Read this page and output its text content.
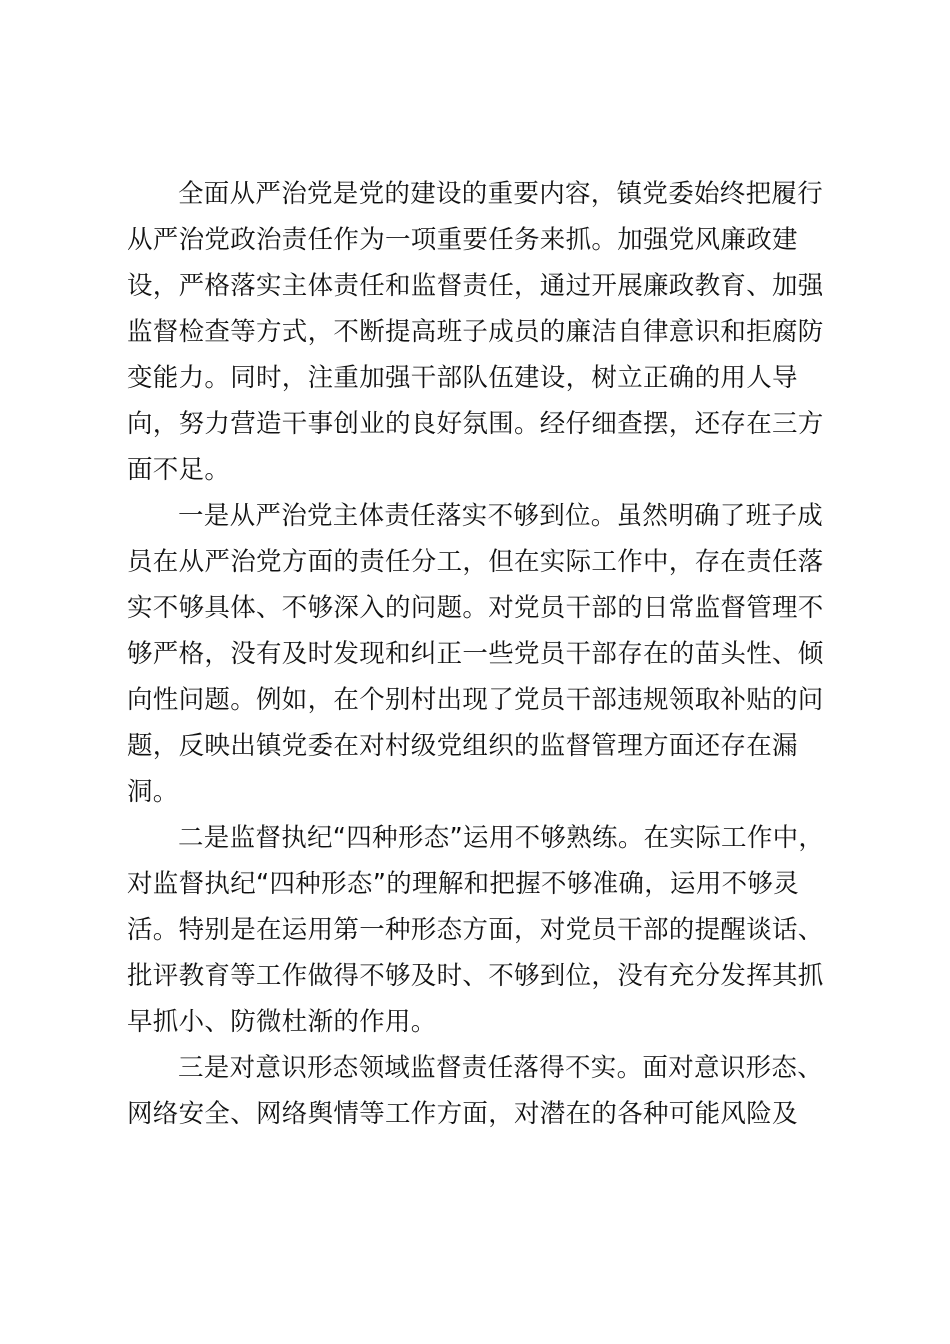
全面从严治党是党的建设的重要内容，镇党委始终把履行
从严治党政治责任作为一项重要任务来抓。加强党风廉政建
设，严格落实主体责任和监督责任，通过开展廉政教育、加强
监督检查等方式，不断提高班子成员的廉洁自律意识和拒腐防
变能力。同时，注重加强干部队伍建设，树立正确的用人导
向，努力营造干事创业的良好氛围。经仔细查摆，还存在三方
面不足。

一是从严治党主体责任落实不够到位。虽然明确了班子成
员在从严治党方面的责任分工，但在实际工作中，存在责任落
实不够具体、不够深入的问题。对党员干部的日常监督管理不
够严格，没有及时发现和纠正一些党员干部存在的苗头性、倾
向性问题。例如，在个别村出现了党员干部违规领取补贴的问
题，反映出镇党委在对村级党组织的监督管理方面还存在漏
洞。

二是监督执纪“四种形态”运用不够熟练。在实际工作中，
对监督执纪“四种形态”的理解和把握不够准确，运用不够灵
活。特别是在运用第一种形态方面，对党员干部的提醒谈话、
批评教育等工作做得不够及时、不够到位，没有充分发挥其抓
早抓小、防微杜渐的作用。

三是对意识形态领域监督责任落得不实。面对意识形态、
网络安全、网络舆情等工作方面，对潜在的各种可能风险及
